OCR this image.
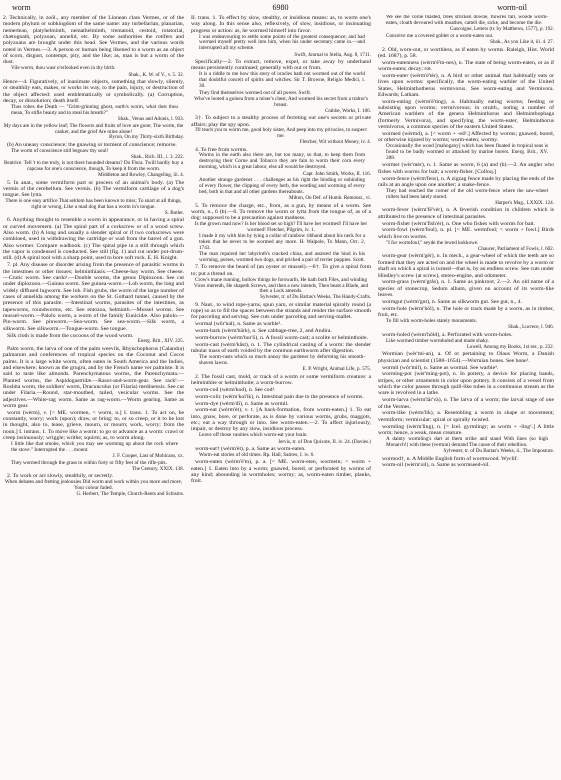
worm	6980	worm-oil

2. Technically, in zoöl., any member of the Linnean class Vermes, or of the modern phylum or subkingdom of the same name: any turbellarian, planarian, nemertean, platyhelminth, nemathelminth, trematoid, cestoid, rotatorial, chætognath, polyzoan, annelid, etc. By some authorities the rotifers and polyzoans are brought under this head. See Vermes, and the various words noted in Vermes.—3. A person or human being likened to a worm as an object of scorn, disgust, contempt, pity, and the like; as, man is but a worm of the dust.

Vile worm, thou wast o'erlooked even in thy birth.

Shak., K. W. of V., v. 5. 32.

Hence—4. Figuratively, of inanimate objects, something that slowly, silently, or stealthily eats, makes, or works its way, to the pain, injury, or destruction of the object affected: used emblematically or symbolically. (a) Corruption, decay, or dissolution; death itself.

Thus robes the Death — "Grim-grinning ghost, earth's worm, what dost thou mean, To stifle beauty and to steal his breath?"

Shak., Venus and Adonis, l. 933.

My days are in the yellow leaf; The flowers and fruits of love are gone; The worm, the canker, and the grief Are mine alone!

Byron, On my Thirty-sixth Birthday.

(b) An uneasy conscience; the gnawing or torment of conscience; remorse.

The worm of conscience still begnaw thy soul!

Shak., Rich. III., i. 3. 222.

Beatrice. Tell 't to me truly, is not there hounded dreams? Do Flora. Twill hardly buy a capcase for one's conscience, though, To keep it from the worm.

Middleton and Rowley, Changeling, iii. 4.

5. In anat., some vermiform part or process of an animal's body. (a) The vermis of the cerebellum. See vermis. (b) The vermiform cartilage of a dog's tongue. See lytta.

There is one easy artifice That seldom has been known to miss; To snarl at all things, right or wrong, Like a mad dog that has a worm in's tongue.

S. Butler.

6. Anything thought to resemble a worm in appearance, or in having a spiral or curved movement. (a) The spiral part of a corkscrew or of a wood screw. Also worm. (b) A long and usually a slender spiral or if two corkscrews were combined, used in withdrawing the cartridge or wad from the barrel of a gun. Also wormer. Compare wadhook. (c) The spiral pipe in a still through which the vapor is condensed is conducted. See still (fig. 1) and cut under pot-drum-still. (d) A spiral tool with a sharp point, used to bore soft rock. E. H. Knight.

7. pl. Any disease or disorder arising from the presence of parasitic worms in the intestines or other tissues; helminthiasis.—Cheese-hay worm. See cheese.—Crutic worm. See cardo¹.—Double worms, the genus Diplozoon. See cut under diplozoon.—Guinea worm. See guinea-worm.—Lob worm, the long and widely diffused lugworm. See lob. Fish grubs, the worm of the large number of cases of annelida among the workers on the St. Gothard tunnel, caused by the presence of this parasite. —Intestinal worms, parasites of the intestines, as tapeworms, roundworms, etc. See entozoa, helminth.—Mussel worms. See mussel-worm.—Palolo worm, a worm of the family Eunicidæ. Also palolo.—Pin-worm. See pinworm.—Sea-worm. See sea-worm.—Silk worm, a silkworm. See silkworm.—Tongue-worm. See tongue.

Silk cloth is made from the cocoons of the wood worm.

Energ. Brit., XIV. 225.

Palm worm, the larva of one of the palm weevils, Rhynchophorus (Calandra) palmarum and conferences of tropical species on the Coconut and Cocos palms. It is a large white worm, often eaten in South America and the Indies, and elsewhere; known as the grugru, and by the French name ver palmiste. It is said to taste like almonds. Parenchymatous worms, the Parenchymata.—Planted worms, the Aspidogastridæ.—Rasor-and-worm-gear. See rack¹.—Roshita worm, the soldiers' worm, Dracunculus (or Filaria) medinensis. See cut under Filaria.—Round, star-mouthed, tailed, vesicular worms. See the adjectives.—White-rag worm. Same as rag-worm.—Worm gearing. Same as worm gear.

worm (wėrm), v. [< ME. wormen, < worm, n.] I. trans. 1. To act on, be constantly, worry; work (upon); draw, or bring: to, or so creep, or it to be lost in thought, also to, tease, grieve, mourn, or mourn; work, worry; from the noun.] I. intrans. 1. To move like a worm: to go or advance as a worm: crawl or creep insinuously; wriggle; writhe; squirm; as, to worm along.

I little like that smoke, which you may see worming up about the rock where the stove." Interrupted the . . . mount.

J. F. Cooper, Last of Mohicans, xx.

They wormed through the grass to within forty or fifty feet of the rifle-pits.

The Century, XXIX. 138.

2. To work or act slowly, stealthily, or secretly.

When debates and fretting jealousies Did worm and work within you more and more, Your colour faded.

G. Herbert, The Temple, Church-Rents and Schisms.

II. trans. 1. To effect by slow, stealthy, or insidious means: as, to worm one's way along. In this sense also, reflexively, of slow, insidious, or insinuating progress or action: as, he wormed himself into favor.

I was endeavouring to settle some points of the greatest consequence; and had wormed myself pretty well into him, when his under secretary came in.—and interrupted all my scheme.

Swift, Journal to Stella, Aug. 8, 1711.

Specifically—2. To extract, remove, expel, or take away by underhand means persistently continued; generally with out or from.

It is a riddle to me how this story of oracles hath not wormed out of the world that doubtful conceit of spirits and witches. Sir T. Browne, Religio Medici, i. 30.

They find themselves wormed out of all power. Swift.

Who've looted a guinea from a miser's chest, And wormed his secret from a traitor's breast.

Crabbe, Works, I. 106.

3†. To subject to a stealthy process of ferreting out one's secrets or private affairs; play the spy upon.

I'll teach you to worm me, good holy sister, And peep into my privacies, to suspect me.

Fletcher, Wit without Money, iv. 4.

4. To free from worms.

Worms in the earth also there are, but too many, so that, to keep them from destroying their Corne and Tobacco they are fain to worm their corn every morning, which is a great labour, else all would be destroyed.

Capt. John Smith, Works, II. 116.

Another strange gardener . . . challenges as his right the binding or unbinding of every flower, the clipping of every herb, the wording and worming of every bed, both in that and all other gardens thereabouts.

Milton, On Def. of Humb. Remonst., vi.

5. To remove the charge, etc., from, as a gun, by means of a worm. See worm, n., 6 (b).—6. To remove the worm or lytta from the tongue of, as of a dog: supposed to be a precaution against madness.

Is the grown mad now? Is her blood set so high? I'll have her wormed! I'll have her wormed! Fletcher, Pilgrim, iv. 1.

I made it my with him by tying a collar of rainbow ribband about his neck for a token that he never to be wormed any more. H. Walpole, To Mann, Oct. 2, 1743.

The man repaired her labyrinth's cracked china, and assisted the hind in his worming, purses, wormed two dogs, and pricked a pair of terrier puppies. Scott.

7. To remove the beard of (an oyster or mussel).—8†. To give a spiral form to; put a thread on.

Crow's mane running, hollow things he forswarth, He hath both Files, and winding Vices merenth, He shapeth Screws, and then a new intends, Then beats a Blade, and then a Lock amends.

Sylvester, tr. of Du Bartas's Weeks, The Handy-Crafts.

9. Naut., to wind rope-yarns, spun yarn, or similar material spirally round (a rope) so as to fill the spaces between the strands and render the surface smooth for parceling and serving. See cuts under parceling and serving-mallet.

wormal (wôr'nal), n. Same as warble¹.

worm-bark (wèrm'bärk), n. See cabbage-tree, 2, and Andira.

worm-burrow (wėrm'bur'ō), n. A fossil worm-cast; a scolite or helminthoite.

worm-cast (wėrm'kåst), n. 1. The cylindrical casting of a worm: the slender tubular mass of earth voided by the common earthworm after digestion.

The worm-casts which so much annoy the gardener by deforming his smooth-shaven lawns.

E. P. Wright, Animal Life, p. 575.

2. The fossil cast, mold, or track of a worm or some vermiform creature: a helminthite or helminthoite; a worm-burrow.

worm-cod (wèrm'kod), n. See cod³.

worm-colic (wérm'kol'ik), n. Intestinal pain due to the presence of worms.

worm-dye (wėrm'dī), n. Same as wormil.

worm-eat (wèrm'ėt), v. t. [A back-formation, from worm-eaten.] 1. To eat into, gnaw, bore, or perforate, as is done by various worms, grubs, maggots, etc.; eat a way through or into. See worm-eaten.—2. To affect injuriously, impair, or destroy by any slow, insidious process.

Leave off those vanities which worm-eat your brain.

Jervis, tr. of Don Quixote, II. iv. 24. (Davies.)

worm-eat† (wėrm'ėt), p. a. Same as worm-eaten.

Worm-eat stories of old times. Rp. Hall, Satires, I. iv. 6.

worm-eaten (wèrm'ē'tn), p. a. [< ME. worm-eten, wormetn; < worm + eaten.] 1. Eaten into by a worm; gnawed, bored, or perforated by worms of any kind; abounding in wormholes; wormy; as, worm-eaten timber, planks, fruit.

We see the corne blasted, trees stricken downe, flowres fall, woode worm-eaten, cloath devoured with moathes, cattell die, sicke, and become the die.

Gascoigne, Letters (tr. by Matthews, 1577), p. 192.

Conceive me a covered goblet or a worm-eaten nut.

Shak., As you Like it, iii. 4. 27.

2. Old, worn-out, or worthless, as if eaten by worms. Raleigh, Hist. World (ed. 1687), p. 58.

worm-eatenness (wėrm'ē'tn-nes), n. The state of being worm-eaten, or as if worm-eaten; decay; rot.

worm-eater (wérm'ē'tėr), n. A bird or other animal that habitually eats or lives upon worms: specifically, the worm-eating warbler of the United States, Helminthotherus vermivorus. See worm-eating and Vermivora. Edwards; Latham.

worm-eating (wėrm'ē'ting), a. Habitually eating worms; feeding or subsisting upon worms; vermivorous; in ornith., noting a number of American warblers of the genera Helminthorus and Helminthophaga (formerly Vermivora), and specifying the worm-eater, Helminthorus vermivorus, a common species of the eastern United States.

wormed (wèrmd), a. [< worm + -ed².] Affected by worms; gnawed, bored, or otherwise injured by worms; worm-eaten; wormy.

Occasionally the wood [mahogany] which has been floated in tropical seas is found to be badly wormed or attacked by marine borers. Energ. Brit., XV. 288.

wormer (wėr'mėr), n. 1. Same as worm, 6 (a) and (b).—2. An angler who fishes with worms for bait; a worm-fisher. [Colloq.]

worm-fence (wėrm'fens), n. A zigzag fence made by placing the ends of the rails at an angle upon one another; a snake-fence.

They had reached the corner of the old worm-fence where the saw-wheel rollers had been lately stored.

Harper's Mag., LXXIX. 124.

worm-fever (wėrm'fē'vėr), n. A feverish condition in children which is attributed to the presence of intestinal parasites.

worm-fisher (wėrm'fish'ėr), n. One who fishes with worms for bait.

worm-fowl (wėrm'foul), n. pl. [< ME. wermfoul; < worm + fowl.] Birds which live on worms.

"I for wormfoul," seyde the lewed kokkowe.

Chaucer, Parliament of Fowls, l. 602.

worm-gear (wèrm'gēr), n. In mech., a gear-wheel of which the teeth are so formed that they are acted on and the wheel is made to revolve by a worm or shaft on which a spiral is turned—that is, by an endless screw. See cuts under Hindley's screw (at screw), stereo-engine, and odometer.

worm-grass (wėrm'grås), n. 1. Same as pinkroot, 2.—2. An old name of a species of stonecrop, Sedum album, given on account of its worm-like leaves.

wormgut (wėrm'gut), n. Same as silkworm gut. See gut, n., 4.

worm-hole (wėrm'hōl), n. The hole or track made by a worm, as in timber, fruit, etc.

To fill with worm-holes stately monuments.

Shak., Lucrece, l. 946.

worm-holed (wėrm'hōld), a. Perforated with worm-holes.

Like wormed timber wormholed and made shaky.

Lowell, Among my Books, 1st ser., p. 232.

Wormian (wèr'mi-an), a. Of or pertaining to Olaus Worm, a Danish physician and scientist (1588–1654).—Wormian bones. See bone¹.

wormil (wôr'mil), n. Same as wormal. See warble³.

worming-pot (wėr'ming-pot), n. In pottery, a device for placing bands, stripes, or other ornaments in color upon pottery. It consists of a vessel from which the color passes through quill-like tubes in a continuous stream as the ware is revolved in a lathe.

worm-larva (wėrm'lär'vä), n. The larva of a worm; the larval stage of one of the Vermes.

worm-like (wėrm'lik), a. Resembling a worm in shape or movement; vermiform; vermicular: spiral or spirally twisted.

wormling (wėrm'ling), n. [= Icel. gyrmlingr; as worm + -ling¹.] A little worm; hence, a weak, mean creature.

A dainty wormling's dart at them strike and stand With lines (so high Monarch!) with these (vermin) demand The cause of their rebellion.

Sylvester, tr. of Du Bartas's Weeks, ii., The Imposture.

wormod†, n. A Middle English form of wormwood. Wyclif.

worm-oil (wėrm'oil), n. Same as wormseed-oil.
